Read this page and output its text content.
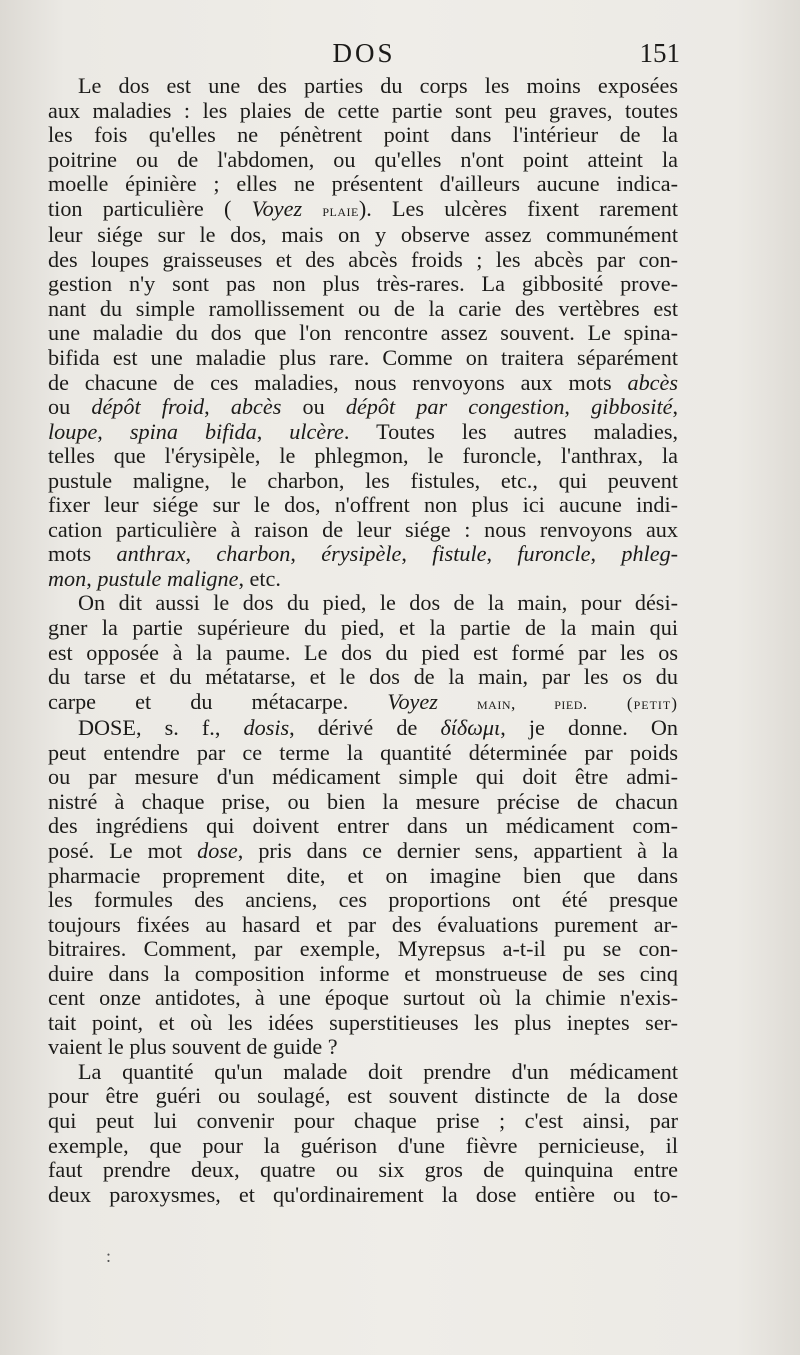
DOS	151
Le dos est une des parties du corps les moins exposées
aux maladies : les plaies de cette partie sont peu graves, toutes
les fois qu'elles ne pénètrent point dans l'intérieur de la
poitrine ou de l'abdomen, ou qu'elles n'ont point atteint la
moelle épinière ; elles ne présentent d'ailleurs aucune indica-
tion particulière ( Voyez plaie). Les ulcères fixent rarement
leur siége sur le dos, mais on y observe assez communément
des loupes graisseuses et des abcès froids ; les abcès par con-
gestion n'y sont pas non plus très-rares. La gibbosité prove-
nant du simple ramollissement ou de la carie des vertèbres est
une maladie du dos que l'on rencontre assez souvent. Le spina-
bifida est une maladie plus rare. Comme on traitera séparément
de chacune de ces maladies, nous renvoyons aux mots abcès
ou dépôt froid, abcès ou dépôt par congestion, gibbosité,
loupe, spina bifida, ulcère. Toutes les autres maladies,
telles que l'érysipèle, le phlegmon, le furoncle, l'anthrax, la
pustule maligne, le charbon, les fistules, etc., qui peuvent
fixer leur siége sur le dos, n'offrent non plus ici aucune indi-
cation particulière à raison de leur siége : nous renvoyons aux
mots anthrax, charbon, érysipèle, fistule, furoncle, phleg-
mon, pustule maligne, etc.
On dit aussi le dos du pied, le dos de la main, pour dési-
gner la partie supérieure du pied, et la partie de la main qui
est opposée à la paume. Le dos du pied est formé par les os
du tarse et du métatarse, et le dos de la main, par les os du
carpe et du métacarpe. Voyez main, pied. (petit)
DOSE, s. f., dosis, dérivé de δίδωμι, je donne. On
peut entendre par ce terme la quantité déterminée par poids
ou par mesure d'un médicament simple qui doit être admi-
nistré à chaque prise, ou bien la mesure précise de chacun
des ingrédiens qui doivent entrer dans un médicament com-
posé. Le mot dose, pris dans ce dernier sens, appartient à la
pharmacie proprement dite, et on imagine bien que dans
les formules des anciens, ces proportions ont été presque
toujours fixées au hasard et par des évaluations purement ar-
bitraires. Comment, par exemple, Myrepsus a-t-il pu se con-
duire dans la composition informe et monstrueuse de ses cinq
cent onze antidotes, à une époque surtout où la chimie n'exis-
tait point, et où les idées superstitieuses les plus ineptes ser-
vaient le plus souvent de guide ?
La quantité qu'un malade doit prendre d'un médicament
pour être guéri ou soulagé, est souvent distincte de la dose
qui peut lui convenir pour chaque prise ; c'est ainsi, par
exemple, que pour la guérison d'une fièvre pernicieuse, il
faut prendre deux, quatre ou six gros de quinquina entre
deux paroxysmes, et qu'ordinairement la dose entière ou to-
:
